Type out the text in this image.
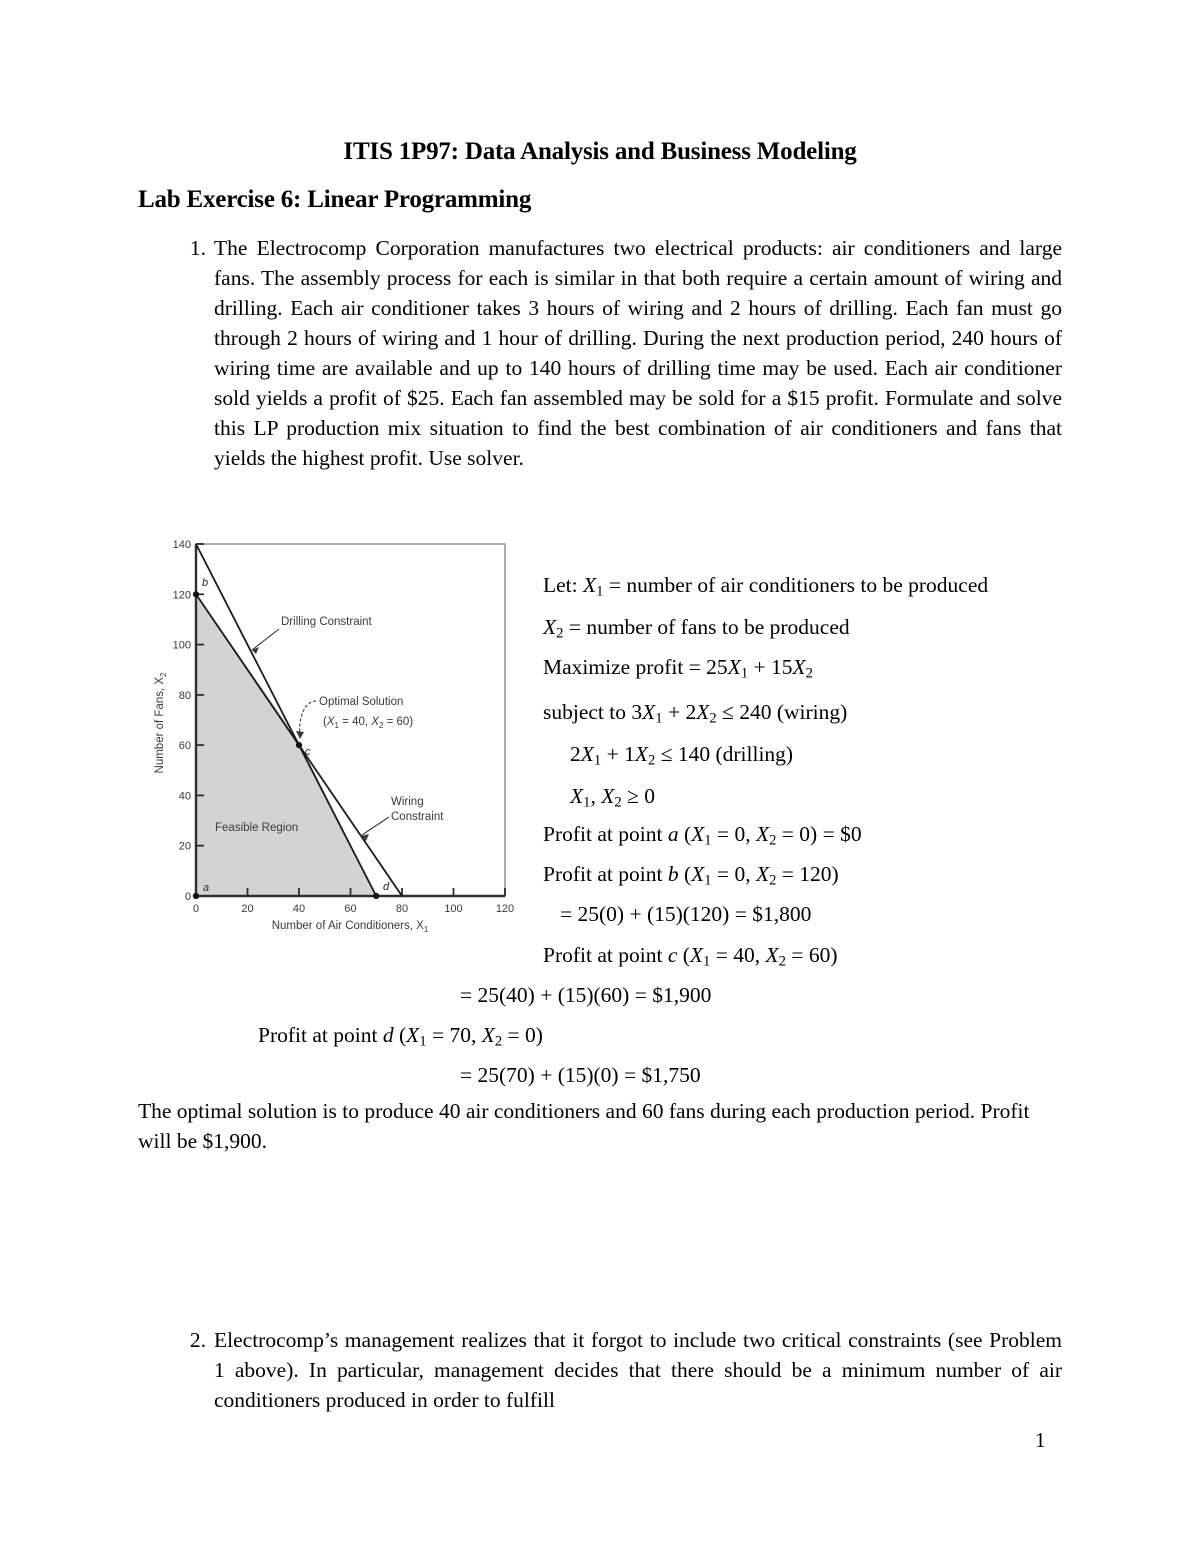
ITIS 1P97: Data Analysis and Business Modeling
Lab Exercise 6: Linear Programming
1. The Electrocomp Corporation manufactures two electrical products: air conditioners and large fans. The assembly process for each is similar in that both require a certain amount of wiring and drilling. Each air conditioner takes 3 hours of wiring and 2 hours of drilling. Each fan must go through 2 hours of wiring and 1 hour of drilling. During the next production period, 240 hours of wiring time are available and up to 140 hours of drilling time may be used. Each air conditioner sold yields a profit of $25. Each fan assembled may be sold for a $15 profit. Formulate and solve this LP production mix situation to find the best combination of air conditioners and fans that yields the highest profit. Use solver.
0
20
40
60
80
100
120
140
0	20	40	60	80	100	120
Number of Air Conditioners, $X_1$
Number of Fans, $X_2$
a
b
c
d
Drilling Constraint
Optimal Solution
($X_1 = 40$, $X_2 = 60$)
Wiring
Constraint
Feasible Region
Let: $X_1$ = number of air conditioners to be produced
$X_2$ = number of fans to be produced
Maximize profit = $25X_1 + 15X_2$
subject to $3X_1 + 2X_2 \le 240$ (wiring)
$2X_1 + 1X_2 \le 140$ (drilling)
$X_1$, $X_2 \ge 0$
Profit at point a ($X_1 = 0$, $X_2 = 0$) = $0
Profit at point b ($X_1 = 0$, $X_2 = 120$)
= 25(0) + (15)(120) = $1,800
Profit at point c ($X_1 = 40$, $X_2 = 60$)
= 25(40) + (15)(60) = $1,900
Profit at point d ($X_1 = 70$, $X_2 = 0$)
= 25(70) + (15)(0) = $1,750
The optimal solution is to produce 40 air conditioners and 60 fans during each production period. Profit will be $1,900.
2. Electrocomp’s management realizes that it forgot to include two critical constraints (see Problem 1 above). In particular, management decides that there should be a minimum number of air conditioners produced in order to fulfill
1
